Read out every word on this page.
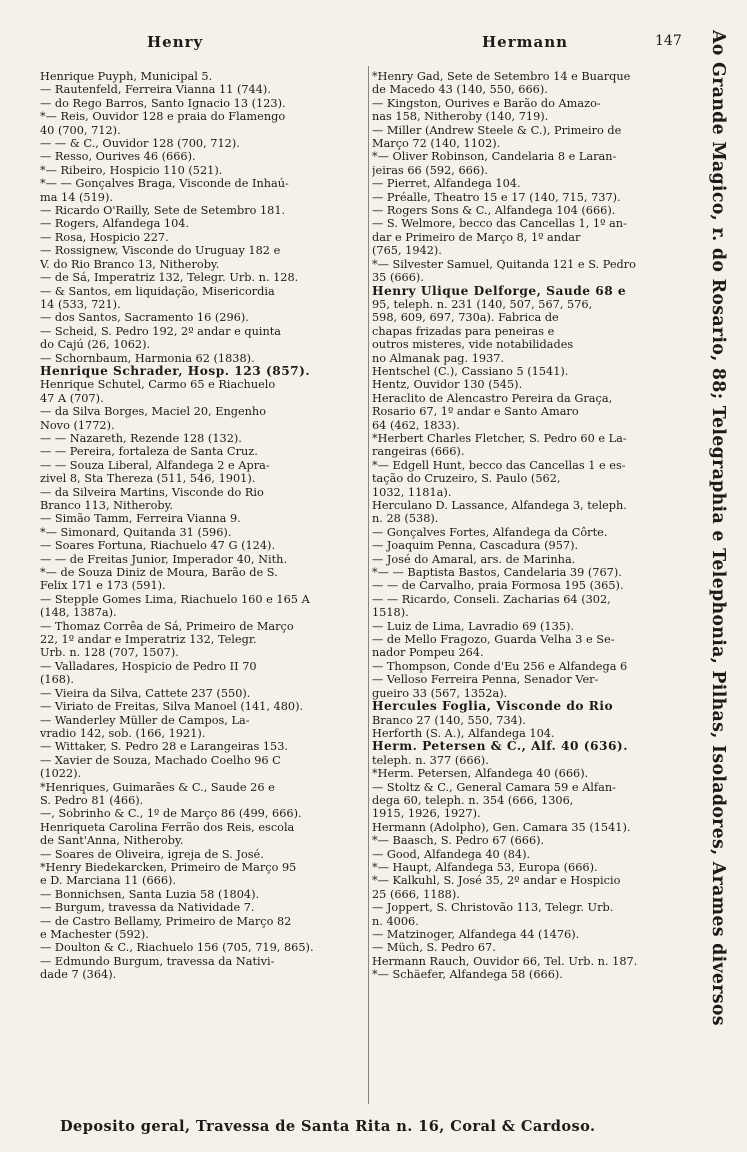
Henry	Hermann	147
Henrique Puyph, Municipal 5.
— Rautenfeld, Ferreira Vianna 11 (744).
— do Rego Barros, Santo Ignacio 13 (123).
*— Reis, Ouvidor 128 e praia do Flamengo
40 (700, 712).
— — & C., Ouvidor 128 (700, 712).
— Resso, Ourives 46 (666).
*— Ribeiro, Hospicio 110 (521).
*— — Gonçalves Braga, Visconde de Inhaú-
ma 14 (519).
— Ricardo O'Railly, Sete de Setembro 181.
— Rogers, Alfandega 104.
— Rosa, Hospicio 227.
— Rossignew, Visconde do Uruguay 182 e
V. do Rio Branco 13, Nitheroby.
— de Sá, Imperatriz 132, Telegr. Urb. n. 128.
— & Santos, em liquidação, Misericordia
14 (533, 721).
— dos Santos, Sacramento 16 (296).
— Scheid, S. Pedro 192, 2º andar e quinta
do Cajú (26, 1062).
— Schornbaum, Harmonia 62 (1838).
Henrique Schrader, Hosp. 123 (857).
Henrique Schutel, Carmo 65 e Riachuelo
47 A (707).
— da Silva Borges, Maciel 20, Engenho
Novo (1772).
— — Nazareth, Rezende 128 (132).
— — Pereira, fortaleza de Santa Cruz.
— — Souza Liberal, Alfandega 2 e Apra-
zivel 8, Sta Thereza (511, 546, 1901).
— da Silveira Martins, Visconde do Rio
Branco 113, Nitheroby.
— Simão Tamm, Ferreira Vianna 9.
*— Simonard, Quitanda 31 (596).
— Soares Fortuna, Riachuelo 47 G (124).
— — de Freitas Junior, Imperador 40, Nith.
*— de Souza Diniz de Moura, Barão de S.
Felix 171 e 173 (591).
— Stepple Gomes Lima, Riachuelo 160 e 165 A
(148, 1387a).
— Thomaz Corrêa de Sá, Primeiro de Março
22, 1º andar e Imperatriz 132, Telegr.
Urb. n. 128 (707, 1507).
— Valladares, Hospicio de Pedro II 70
(168).
— Vieira da Silva, Cattete 237 (550).
— Viriato de Freitas, Silva Manoel (141, 480).
— Wanderley Müller de Campos, La-
vradio 142, sob. (166, 1921).
— Wittaker, S. Pedro 28 e Larangeiras 153.
— Xavier de Souza, Machado Coelho 96 C
(1022).
*Henriques, Guimarães & C., Saude 26 e
S. Pedro 81 (466).
—, Sobrinho & C., 1º de Março 86 (499, 666).
Henriqueta Carolina Ferrão dos Reis, escola
de Sant'Anna, Nitheroby.
— Soares de Oliveira, igreja de S. José.
*Henry Biedekarcken, Primeiro de Março 95
e D. Marciana 11 (666).
— Bonnichsen, Santa Luzia 58 (1804).
— Burgum, travessa da Natividade 7.
— de Castro Bellamy, Primeiro de Março 82
e Machester (592).
— Doulton & C., Riachuelo 156 (705, 719, 865).
— Edmundo Burgum, travessa da Nativi-
dade 7 (364).
*Henry Gad, Sete de Setembro 14 e Buarque
de Macedo 43 (140, 550, 666).
— Kingston, Ourives e Barão do Amazo-
nas 158, Nitheroby (140, 719).
— Miller (Andrew Steele & C.), Primeiro de
Março 72 (140, 1102).
*— Oliver Robinson, Candelaria 8 e Laran-
jeiras 66 (592, 666).
— Pierret, Alfandega 104.
— Préalle, Theatro 15 e 17 (140, 715, 737).
— Rogers Sons & C., Alfandega 104 (666).
— S. Welmore, becco das Cancellas 1, 1º an-
dar e Primeiro de Março 8, 1º andar
(765, 1942).
*— Silvester Samuel, Quitanda 121 e S. Pedro
35 (666).
Henry Ulique Delforge, Saude 68 e
95, teleph. n. 231 (140, 507, 567, 576,
598, 609, 697, 730a). Fabrica de
chapas frizadas para peneiras e
outros misteres, vide notabilidades
no Almanak pag. 1937.
Hentschel (C.), Cassiano 5 (1541).
Hentz, Ouvidor 130 (545).
Heraclito de Alencastro Pereira da Graça,
Rosario 67, 1º andar e Santo Amaro
64 (462, 1833).
*Herbert Charles Fletcher, S. Pedro 60 e La-
rangeiras (666).
*— Edgell Hunt, becco das Cancellas 1 e es-
tação do Cruzeiro, S. Paulo (562,
1032, 1181a).
Herculano D. Lassance, Alfandega 3, teleph.
n. 28 (538).
— Gonçalves Fortes, Alfandega da Côrte.
— Joaquim Penna, Cascadura (957).
— José do Amaral, ars. de Marinha.
*— — Baptista Bastos, Candelaria 39 (767).
— — de Carvalho, praia Formosa 195 (365).
— — Ricardo, Conseli. Zacharias 64 (302,
1518).
— Luiz de Lima, Lavradio 69 (135).
— de Mello Fragozo, Guarda Velha 3 e Se-
nador Pompeu 264.
— Thompson, Conde d'Eu 256 e Alfandega 6
— Velloso Ferreira Penna, Senador Ver-
gueiro 33 (567, 1352a).
Hercules Foglia, Visconde do Rio
Branco 27 (140, 550, 734).
Herforth (S. A.), Alfandega 104.
Herm. Petersen & C., Alf. 40 (636).
teleph. n. 377 (666).
*Herm. Petersen, Alfandega 40 (666).
— Stoltz & C., General Camara 59 e Alfan-
dega 60, teleph. n. 354 (666, 1306,
1915, 1926, 1927).
Hermann (Adolpho), Gen. Camara 35 (1541).
*— Baasch, S. Pedro 67 (666).
— Good, Alfandega 40 (84).
*— Haupt, Alfandega 53, Europa (666).
*— Kalkuhl, S. José 35, 2º andar e Hospicio
25 (666, 1188).
— Joppert, S. Christovão 113, Telegr. Urb.
n. 4006.
— Matzinoger, Alfandega 44 (1476).
— Müch, S. Pedro 67.
Hermann Rauch, Ouvidor 66, Tel. Urb. n. 187.
*— Schäefer, Alfandega 58 (666).	Ao Grande Magico, r. do Rosario, 88; Telegraphia e Telephonia, Pilhas, Isoladores, Arames diversos
Deposito geral, Travessa de Santa Rita n. 16, Coral & Cardoso.
